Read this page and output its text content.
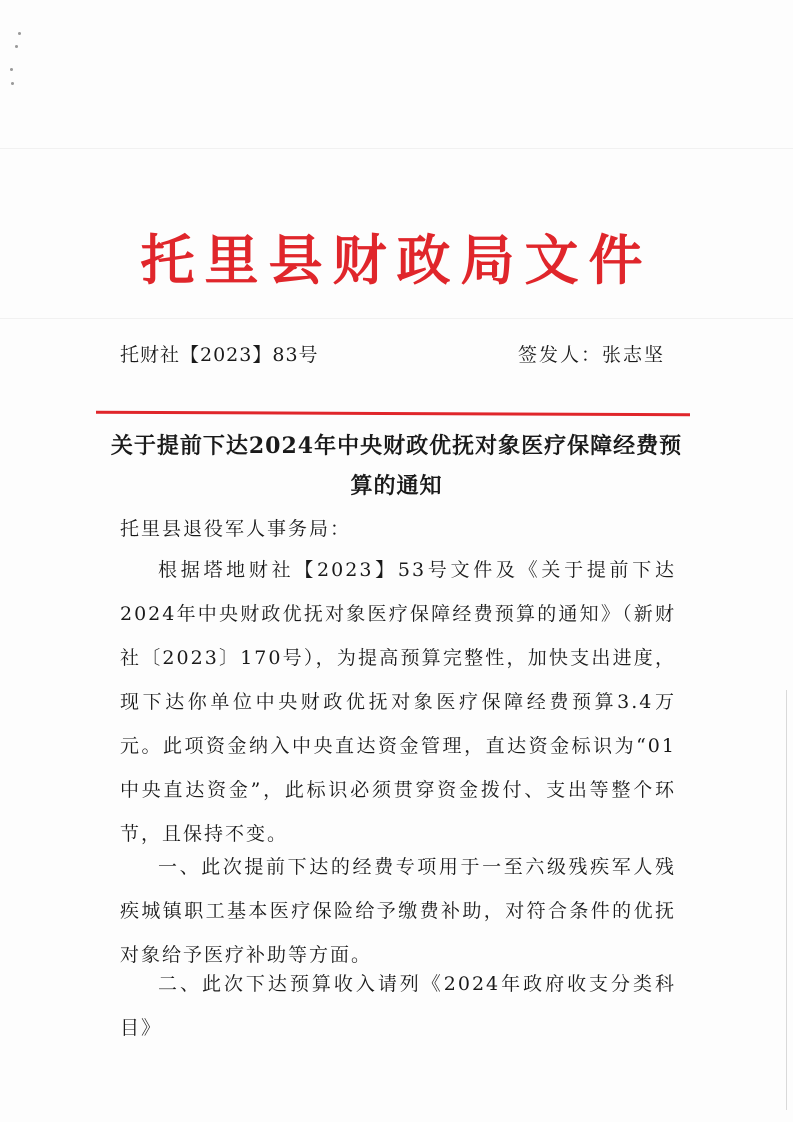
托里县财政局文件
托财社【2023】83号	签发人：张志坚
关于提前下达2024年中央财政优抚对象医疗保障经费预算的通知
托里县退役军人事务局：
根据塔地财社【2023】53号文件及《关于提前下达2024年中央财政优抚对象医疗保障经费预算的通知》（新财社〔2023〕170号），为提高预算完整性，加快支出进度，现下达你单位中央财政优抚对象医疗保障经费预算3.4万元。此项资金纳入中央直达资金管理，直达资金标识为“01中央直达资金”，此标识必须贯穿资金拨付、支出等整个环节，且保持不变。
一、此次提前下达的经费专项用于一至六级残疾军人残疾城镇职工基本医疗保险给予缴费补助，对符合条件的优抚对象给予医疗补助等方面。
二、此次下达预算收入请列《2024年政府收支分类科目》
